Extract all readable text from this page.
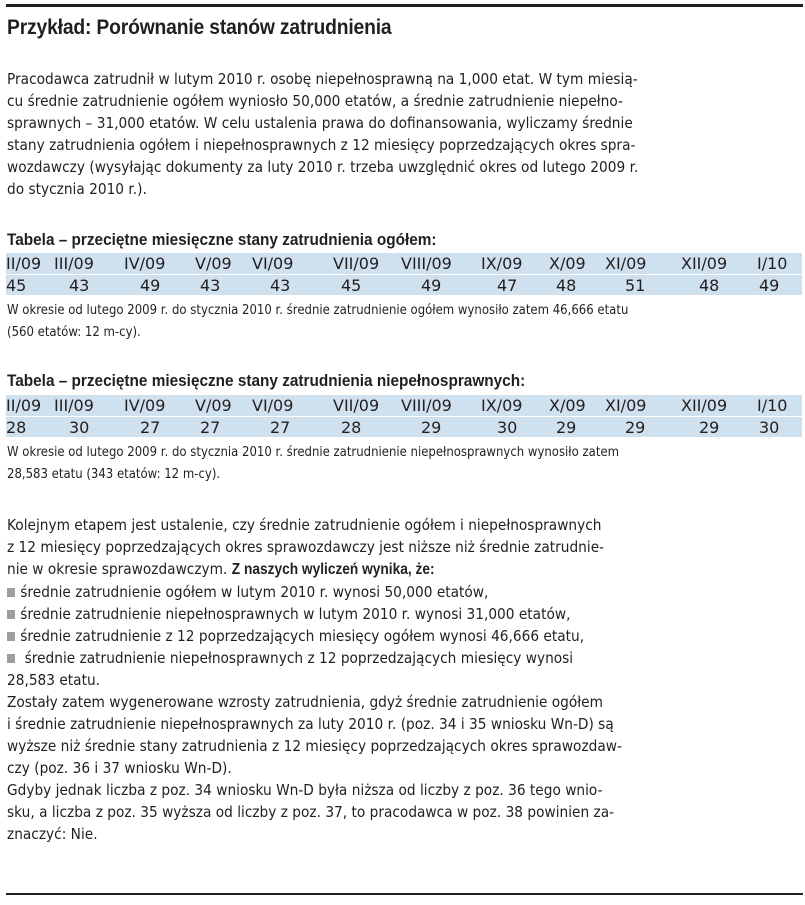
Przykład: Porównanie stanów zatrudnienia

Pracodawca zatrudnił w lutym 2010 r. osobę niepełnosprawną na 1,000 etat. W tym miesią-

cu średnie zatrudnienie ogółem wyniosło 50,000 etatów, a średnie zatrudnienie niepełno-

sprawnych – 31,000 etatów. W celu ustalenia prawa do dofinansowania, wyliczamy średnie

stany zatrudnienia ogółem i niepełnosprawnych z 12 miesięcy poprzedzających okres spra-

wozdawczy (wysyłając dokumenty za luty 2010 r. trzeba uwzględnić okres od lutego 2009 r.

do stycznia 2010 r.).

Tabela – przeciętne miesięczne stany zatrudnienia ogółem:
II/09 III/09 IV/09 V/09 VI/09 VII/09 VIII/09 IX/09 X/09 XI/09 XII/09 I/10
45	43	49 43	43	45	49	47 48	51	48 49

W okresie od lutego 2009 r. do stycznia 2010 r. średnie zatrudnienie ogółem wynosiło zatem 46,666 etatu

(560 etatów: 12 m-cy).

Tabela – przeciętne miesięczne stany zatrudnienia niepełnosprawnych:
II/09 III/09 IV/09 V/09 VI/09 VII/09 VIII/09 IX/09 X/09 XI/09 XII/09 I/10
28	30	27 27	27	28	29	30 29	29	29 30

W okresie od lutego 2009 r. do stycznia 2010 r. średnie zatrudnienie niepełnosprawnych wynosiło zatem

28,583 etatu (343 etatów: 12 m-cy).

Kolejnym etapem jest ustalenie, czy średnie zatrudnienie ogółem i niepełnosprawnych

z 12 miesięcy poprzedzających okres sprawozdawczy jest niższe niż średnie zatrudnie-

nie w okresie sprawozdawczym. Z naszych wyliczeń wynika, że:

średnie zatrudnienie ogółem w lutym 2010 r. wynosi 50,000 etatów,

średnie zatrudnienie niepełnosprawnych w lutym 2010 r. wynosi 31,000 etatów,

średnie zatrudnienie z 12 poprzedzających miesięcy ogółem wynosi 46,666 etatu,

średnie zatrudnienie niepełnosprawnych z 12 poprzedzających miesięcy wynosi

28,583 etatu.

Zostały zatem wygenerowane wzrosty zatrudnienia, gdyż średnie zatrudnienie ogółem

i średnie zatrudnienie niepełnosprawnych za luty 2010 r. (poz. 34 i 35 wniosku Wn-D) są

wyższe niż średnie stany zatrudnienia z 12 miesięcy poprzedzających okres sprawozdaw-

czy (poz. 36 i 37 wniosku Wn-D).

Gdyby jednak liczba z poz. 34 wniosku Wn-D była niższa od liczby z poz. 36 tego wnio-

sku, a liczba z poz. 35 wyższa od liczby z poz. 37, to pracodawca w poz. 38 powinien za-

znaczyć: Nie.
